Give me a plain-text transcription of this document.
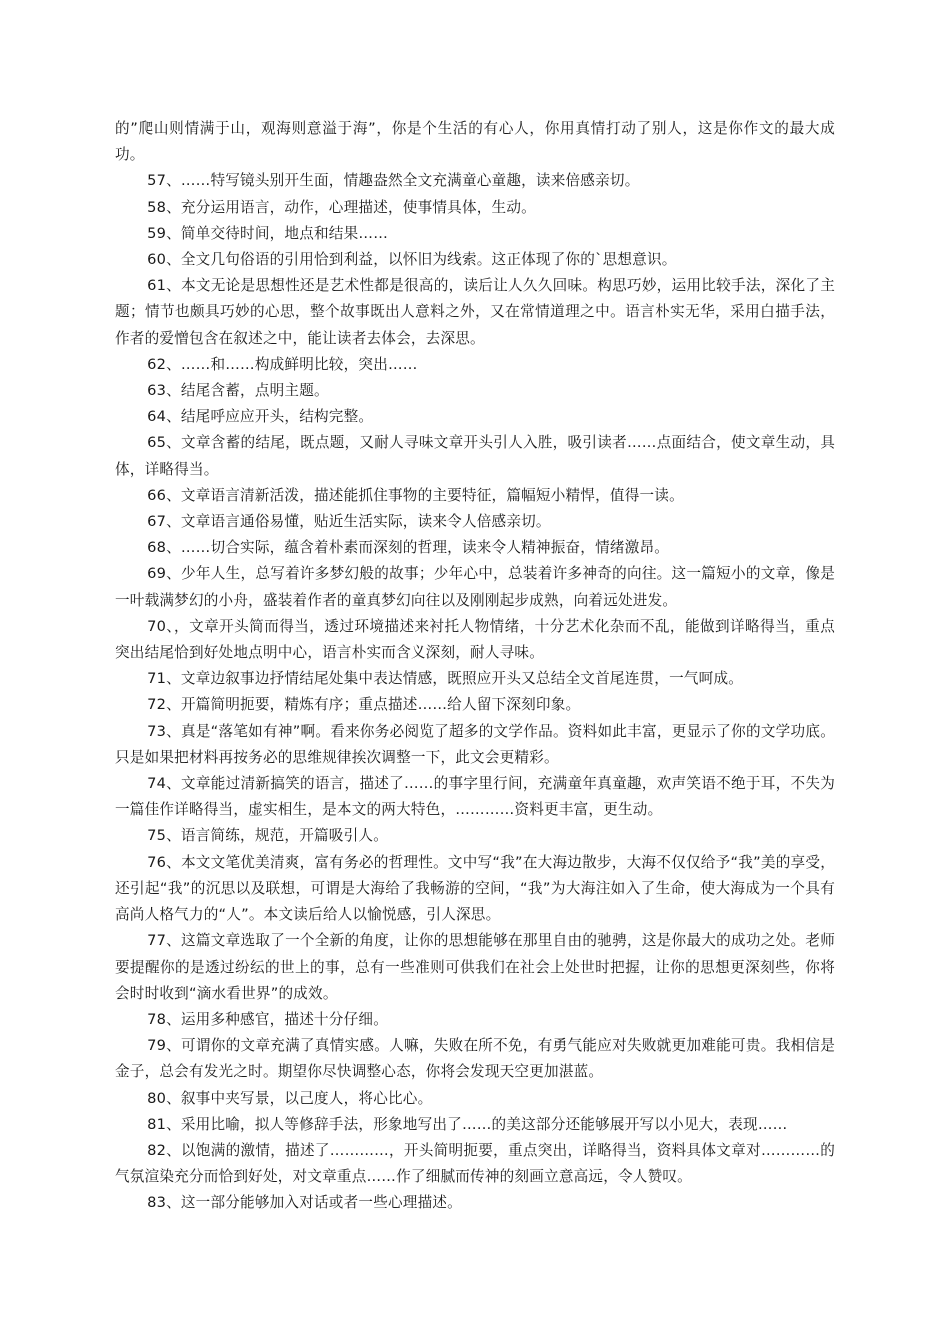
的”爬山则情满于山，观海则意溢于海”，你是个生活的有心人，你用真情打动了别人，这是你作文的最大成功。

57、……特写镜头别开生面，情趣盎然全文充满童心童趣，读来倍感亲切。

58、充分运用语言，动作，心理描述，使事情具体，生动。

59、简单交待时间，地点和结果……

60、全文几句俗语的引用恰到利益，以怀旧为线索。这正体现了你的`思想意识。

61、本文无论是思想性还是艺术性都是很高的，读后让人久久回味。构思巧妙，运用比较手法，深化了主题；情节也颇具巧妙的心思，整个故事既出人意料之外，又在常情道理之中。语言朴实无华，采用白描手法，作者的爱憎包含在叙述之中，能让读者去体会，去深思。

62、……和……构成鲜明比较，突出……

63、结尾含蓄，点明主题。

64、结尾呼应应开头，结构完整。

65、文章含蓄的结尾，既点题，又耐人寻味文章开头引人入胜，吸引读者……点面结合，使文章生动，具体，详略得当。

66、文章语言清新活泼，描述能抓住事物的主要特征，篇幅短小精悍，值得一读。

67、文章语言通俗易懂，贴近生活实际，读来令人倍感亲切。

68、……切合实际，蕴含着朴素而深刻的哲理，读来令人精神振奋，情绪激昂。

69、少年人生，总写着许多梦幻般的故事；少年心中，总装着许多神奇的向往。这一篇短小的文章，像是一叶载满梦幻的小舟，盛装着作者的童真梦幻向往以及刚刚起步成熟，向着远处进发。

70、，文章开头简而得当，透过环境描述来衬托人物情绪，十分艺术化杂而不乱，能做到详略得当，重点突出结尾恰到好处地点明中心，语言朴实而含义深刻，耐人寻味。

71、文章边叙事边抒情结尾处集中表达情感，既照应开头又总结全文首尾连贯，一气呵成。

72、开篇简明扼要，精炼有序；重点描述……给人留下深刻印象。

73、真是“落笔如有神”啊。看来你务必阅览了超多的文学作品。资料如此丰富，更显示了你的文学功底。只是如果把材料再按务必的思维规律挨次调整一下，此文会更精彩。

74、文章能过清新搞笑的语言，描述了……的事字里行间，充满童年真童趣，欢声笑语不绝于耳，不失为一篇佳作详略得当，虚实相生，是本文的两大特色，…………资料更丰富，更生动。

75、语言简练，规范，开篇吸引人。

76、本文文笔优美清爽，富有务必的哲理性。文中写“我”在大海边散步，大海不仅仅给予“我”美的享受，还引起“我”的沉思以及联想，可谓是大海给了我畅游的空间，“我”为大海注如入了生命，使大海成为一个具有高尚人格气力的“人”。本文读后给人以愉悦感，引人深思。

77、这篇文章选取了一个全新的角度，让你的思想能够在那里自由的驰骋，这是你最大的成功之处。老师要提醒你的是透过纷纭的世上的事，总有一些准则可供我们在社会上处世时把握，让你的思想更深刻些，你将会时时收到“滴水看世界”的成效。

78、运用多种感官，描述十分仔细。

79、可谓你的文章充满了真情实感。人嘛，失败在所不免，有勇气能应对失败就更加难能可贵。我相信是金子，总会有发光之时。期望你尽快调整心态，你将会发现天空更加湛蓝。

80、叙事中夹写景，以己度人，将心比心。

81、采用比喻，拟人等修辞手法，形象地写出了……的美这部分还能够展开写以小见大，表现……

82、以饱满的激情，描述了…………，开头简明扼要，重点突出，详略得当，资料具体文章对…………的气氛渲染充分而恰到好处，对文章重点……作了细腻而传神的刻画立意高远，令人赞叹。

83、这一部分能够加入对话或者一些心理描述。
